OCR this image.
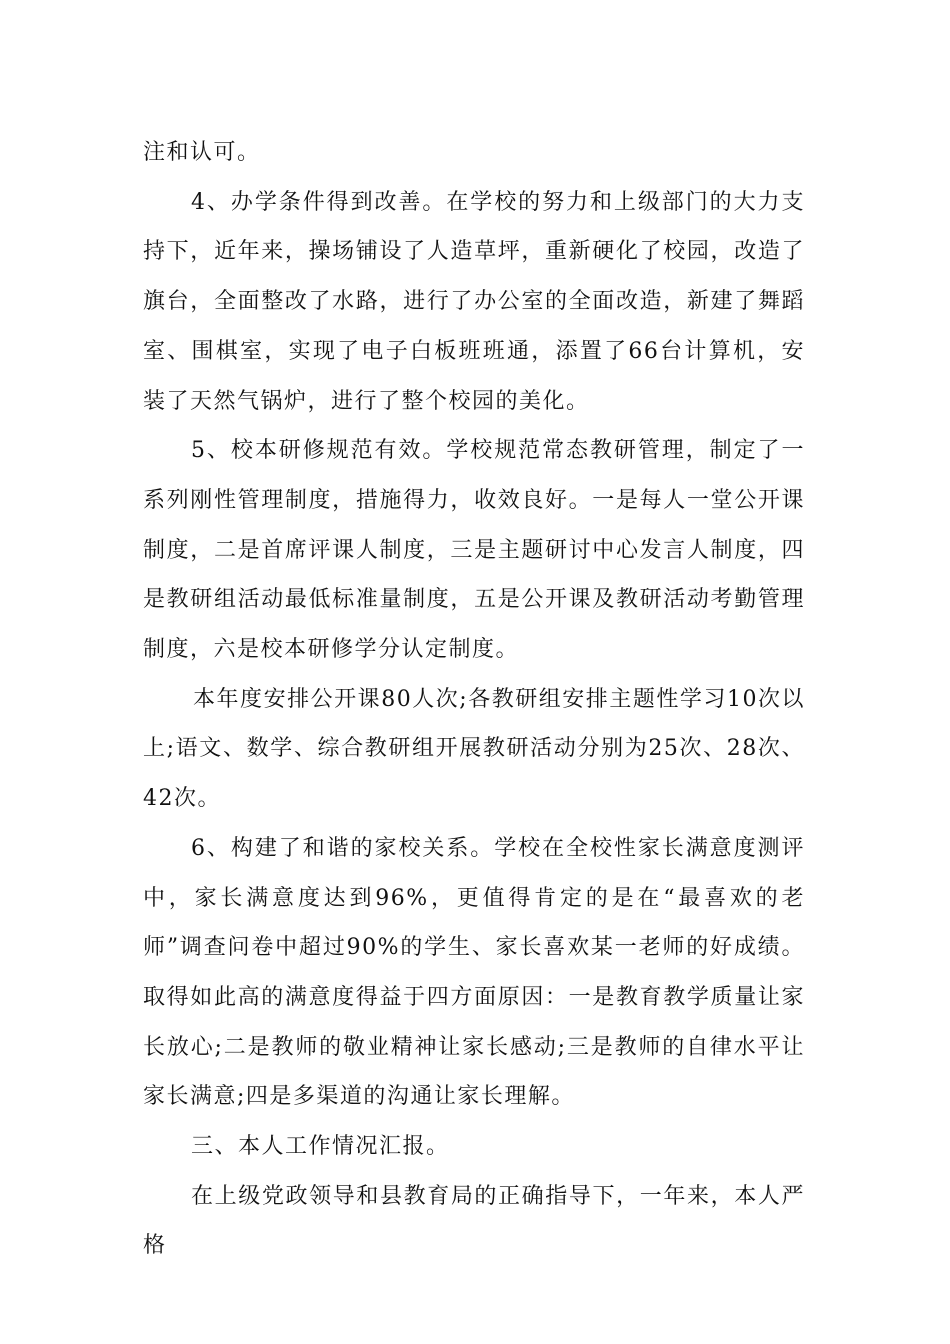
注和认可。

4、办学条件得到改善。在学校的努力和上级部门的大力支持下，近年来，操场铺设了人造草坪，重新硬化了校园，改造了旗台，全面整改了水路，进行了办公室的全面改造，新建了舞蹈室、围棋室，实现了电子白板班班通，添置了66台计算机，安装了天然气锅炉，进行了整个校园的美化。

5、校本研修规范有效。学校规范常态教研管理，制定了一系列刚性管理制度，措施得力，收效良好。一是每人一堂公开课制度，二是首席评课人制度，三是主题研讨中心发言人制度，四是教研组活动最低标准量制度，五是公开课及教研活动考勤管理制度，六是校本研修学分认定制度。

本年度安排公开课80人次;各教研组安排主题性学习10次以上;语文、数学、综合教研组开展教研活动分别为25次、28次、42次。

6、构建了和谐的家校关系。学校在全校性家长满意度测评中，家长满意度达到96%，更值得肯定的是在“最喜欢的老师”调查问卷中超过90%的学生、家长喜欢某一老师的好成绩。取得如此高的满意度得益于四方面原因：一是教育教学质量让家长放心;二是教师的敬业精神让家长感动;三是教师的自律水平让家长满意;四是多渠道的沟通让家长理解。

三、本人工作情况汇报。

在上级党政领导和县教育局的正确指导下，一年来，本人严格
